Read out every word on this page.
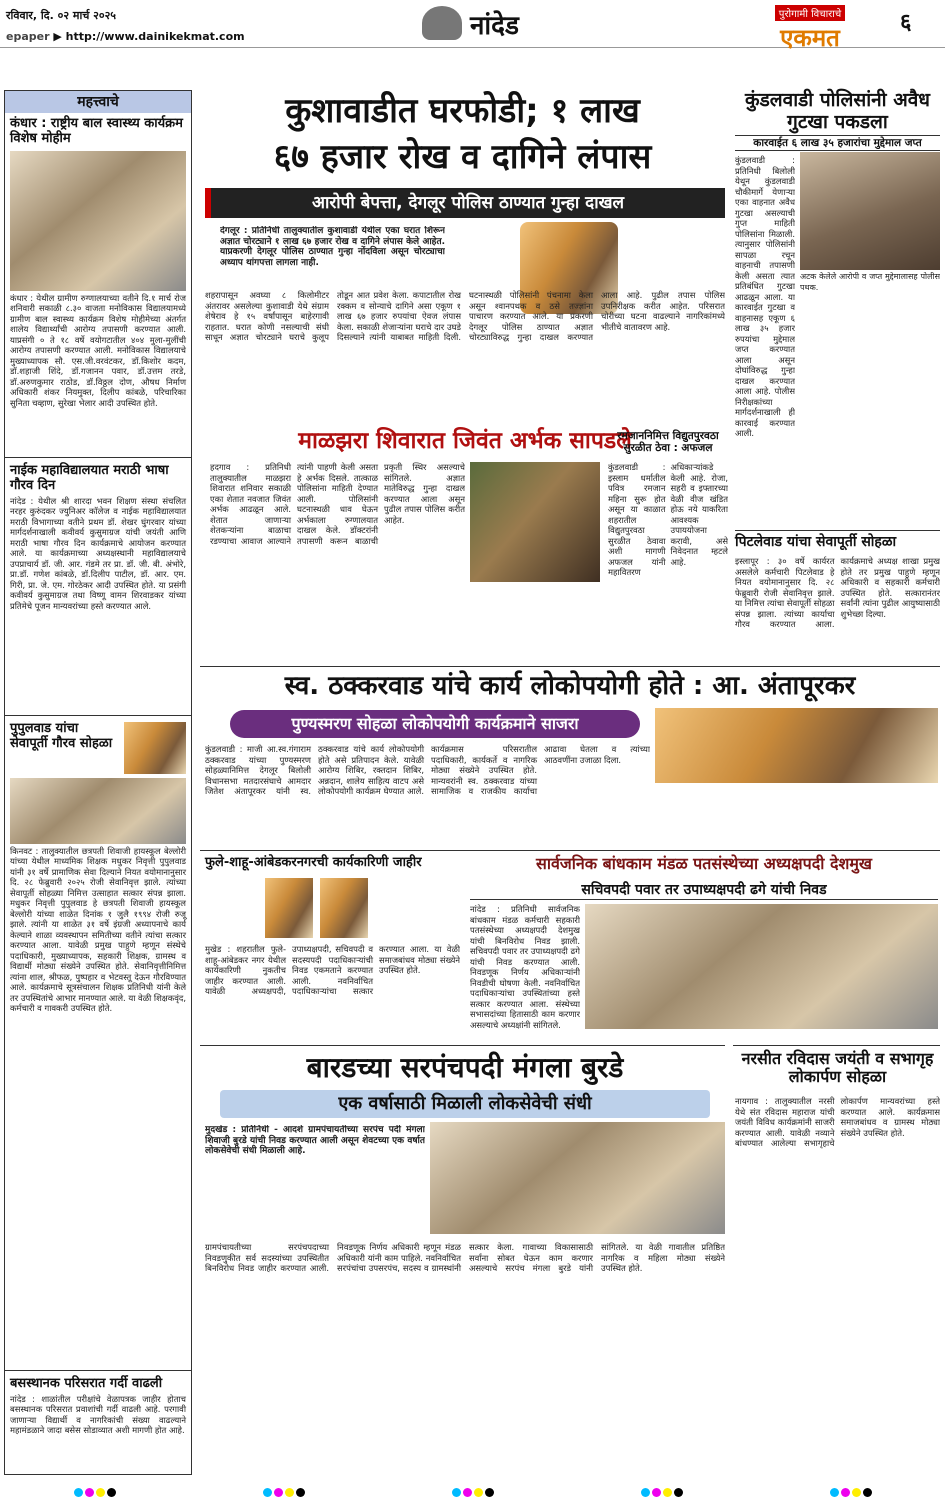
रविवार, दि. ०२ मार्च २०२५
epaper ▶ http://www.dainikekmat.com	नांदेड	पुरोगामी विचाराचे
एकमत
६
महत्त्वाचे
कंधार : राष्ट्रीय बाल स्वास्थ्य कार्यक्रम विशेष मोहीम
कंधार : येथील ग्रामीण रुग्णालयाच्या वतीने दि.१ मार्च रोज शनिवारी सकाळी ८.३० वाजता मनोविकास विद्यालयामध्ये ग्रामीण बाल स्वास्थ्य कार्यक्रम विशेष मोहीमेच्या अंतर्गत शालेय विद्यार्थ्यांची आरोग्य तपासणी करण्यात आली. याप्रसंगी ० ते १८ वर्षे वयोगटातील ४०४ मुला-मुलींची आरोग्य तपासणी करण्यात आली. मनोविकास विद्यालयाचे मुख्याध्यापक सौ. एस.जी.वरवंटकर, डॉ.किशोर कदम, डॉ.शहाजी शिंदे, डॉ.गजानन पवार, डॉ.उत्तम तरडे, डॉ.अरुणकुमार राठोड, डॉ.विठ्ठल दोण, औषध निर्माण अधिकारी शंकर नियमुक्त, दिलीप कांबळे, परिचारिका सुनिता चव्हाण, सुरेखा भेलार आदी उपस्थित होते.
नाईक महाविद्यालयात मराठी भाषा गौरव दिन
नांदेड : येथील श्री शारदा भवन शिक्षण संस्था संचलित नरहर कुरुंदकर ज्युनिअर कॉलेज व नाईक महाविद्यालयात मराठी विभागाच्या वतीने प्रथम डॉ. शेखर घुंगरवार यांच्या मार्गदर्शनाखाली कवीवर्य कुसुमाग्रज यांची जयंती आणि मराठी भाषा गौरव दिन कार्यक्रमाचे आयोजन करण्यात आले. या कार्यक्रमाच्या अध्यक्षस्थानी महाविद्यालयाचे उपप्राचार्य डॉ. जी. आर. गंडमे तर प्रा. डॉ. जी. बी. अंभोरे, प्रा.डॉ. गणेश कांबळे, डॉ.दिलीप पाटील, डॉ. आर. एम. गिरी, प्रा. जे. एम. गोरठेकर आदी उपस्थित होते. या प्रसंगी कवीवर्य कुसुमाग्रज तथा विष्णू वामन शिरवाडकर यांच्या प्रतिमेचे पूजन मान्यवरांच्या हस्ते करण्यात आले.
पुपुलवाड यांचा सेवापूर्ती गौरव सोहळा
किनवट : तालुक्यातील छत्रपती शिवाजी हायस्कूल बेल्लोरी यांच्या येथील माध्यमिक शिक्षक मधुकर निवृत्ती पुपुलवाड यांनी ३१ वर्षे प्रामाणिक सेवा दिल्याने नियत वयोमानानुसार दि. २८ फेब्रुवारी २०२५ रोजी सेवानिवृत्त झाले. त्यांच्या सेवापूर्ती सोहळ्या निमित्त उत्साहात सत्कार संपन्न झाला. मधुकर निवृत्ती पुपुलवाड हे छत्रपती शिवाजी हायस्कूल बेल्लोरी यांच्या शाळेत दिनांक १ जुलै १९९४ रोजी रुजू झाले. त्यांनी या शाळेत ३१ वर्षे इंग्रजी अध्यापनाचे कार्य केल्याने शाळा व्यवस्थापन समितीच्या वतीने त्यांचा सत्कार करण्यात आला. यावेळी प्रमुख पाहुणे म्हणून संस्थेचे पदाधिकारी, मुख्याध्यापक, सहकारी शिक्षक, ग्रामस्थ व विद्यार्थी मोठ्या संख्येने उपस्थित होते. सेवानिवृत्तीनिमित्त त्यांना शाल, श्रीफळ, पुष्पहार व भेटवस्तू देऊन गौरविण्यात आले. कार्यक्रमाचे सूत्रसंचालन शिक्षक प्रतिनिधी यांनी केले तर उपस्थितांचे आभार मानण्यात आले. या वेळी शिक्षकवृंद, कर्मचारी व गावकरी उपस्थित होते.
बसस्थानक परिसरात गर्दी वाढली
नांदेड : शाळांतील परीक्षांचे वेळापत्रक जाहीर होताच बसस्थानक परिसरात प्रवाशांची गर्दी वाढली आहे. परगावी जाणाऱ्या विद्यार्थी व नागरिकांची संख्या वाढल्याने महामंडळाने जादा बसेस सोडाव्यात अशी मागणी होत आहे.
कुशावाडीत घरफोडी; १ लाख
६७ हजार रोख व दागिने लंपास
आरोपी बेपत्ता, देगलूर पोलिस ठाण्यात गुन्हा दाखल
देगलूर : प्रतिनिधी तालुक्यातील कुशावाडी येथील एका घरात शिरून अज्ञात चोरट्याने १ लाख ६७ हजार रोख व दागिने लंपास केले आहेत. याप्रकरणी देगलूर पोलिस ठाण्यात गुन्हा नोंदविला असून चोरट्याचा अध्याप थांगपत्ता लागला नाही.
शहरापासून अवघ्या ८ किलोमीटर अंतरावर असलेल्या कुशावाडी येथे संग्राम शेषेराव हे १५ वर्षांपासून बाहेरगावी राहतात. घरात कोणी नसल्याची संधी साधून अज्ञात चोरट्याने घराचे कुलूप तोडून आत प्रवेश केला. कपाटातील रोख रक्कम व सोन्याचे दागिने असा एकूण १ लाख ६७ हजार रुपयांचा ऐवज लंपास केला. सकाळी शेजाऱ्यांना घराचे दार उघडे दिसल्याने त्यांनी याबाबत माहिती दिली. घटनास्थळी पोलिसांनी पंचनामा केला असून श्वानपथक व ठसे तज्ज्ञांना पाचारण करण्यात आले. या प्रकरणी देगलूर पोलिस ठाण्यात अज्ञात चोरट्याविरुद्ध गुन्हा दाखल करण्यात आला आहे. पुढील तपास पोलिस उपनिरीक्षक करीत आहेत. परिसरात चोरीच्या घटना वाढल्याने नागरिकांमध्ये भीतीचे वातावरण आहे.
कुंडलवाडी पोलिसांनी अवैध गुटखा पकडला
कारवाईत ६ लाख ३५ हजारांचा मुद्देमाल जप्त
कुंडलवाडी : प्रतिनिधी बिलोली येथून कुंडलवाडी चौकीमार्गे येणाऱ्या एका वाहनात अवैध गुटखा असल्याची गुप्त माहिती पोलिसांना मिळाली. त्यानुसार पोलिसांनी सापळा रचून वाहनाची तपासणी केली असता त्यात प्रतिबंधित गुटखा आढळून आला. या कारवाईत गुटखा व वाहनासह एकूण ६ लाख ३५ हजार रुपयांचा मुद्देमाल जप्त करण्यात आला असून दोघांविरुद्ध गुन्हा दाखल करण्यात आला आहे. पोलीस निरीक्षकांच्या मार्गदर्शनाखाली ही कारवाई करण्यात आली.
अटक केलेले आरोपी व जप्त मुद्देमालासह पोलीस पथक.
पिटलेवाड यांचा सेवापूर्ती सोहळा
इस्लापूर : ३० वर्षे कार्यरत असलेले कर्मचारी पिटलेवाड हे नियत वयोमानानुसार दि. २८ फेब्रुवारी रोजी सेवानिवृत्त झाले. या निमित्त त्यांचा सेवापूर्ती सोहळा संपन्न झाला. त्यांच्या कार्याचा गौरव करण्यात आला. कार्यक्रमाचे अध्यक्ष शाखा प्रमुख होते तर प्रमुख पाहुणे म्हणून अधिकारी व सहकारी कर्मचारी उपस्थित होते. सत्कारानंतर सर्वांनी त्यांना पुढील आयुष्यासाठी शुभेच्छा दिल्या.
माळझरा शिवारात जिवंत अर्भक सापडले
हदगाव : प्रतिनिधी तालुक्यातील माळझरा शिवारात शनिवार सकाळी एका शेतात नवजात जिवंत अर्भक आढळून आले. शेतात जाणाऱ्या शेतकऱ्यांना बाळाचा रडण्याचा आवाज आल्याने त्यांनी पाहणी केली असता हे अर्भक दिसले. तात्काळ पोलिसांना माहिती देण्यात आली. पोलिसांनी घटनास्थळी धाव घेऊन अर्भकाला रुग्णालयात दाखल केले. डॉक्टरांनी तपासणी करून बाळाची प्रकृती स्थिर असल्याचे सांगितले. अज्ञात मातेविरुद्ध गुन्हा दाखल करण्यात आला असून पुढील तपास पोलिस करीत आहेत.
रमजाननिमित्त विद्युतपुरवठा सुरळीत ठेवा : अफजल
कुंडलवाडी : इस्लाम धर्मातील पवित्र रमजान महिना सुरू होत असून या काळात शहरातील विद्युतपुरवठा सुरळीत ठेवावा अशी मागणी अफजल यांनी महावितरण अधिकाऱ्यांकडे केली आहे. रोजा, सहरी व इफ्तारच्या वेळी वीज खंडित होऊ नये याकरिता आवश्यक उपाययोजना करावी, असे निवेदनात म्हटले आहे.
स्व. ठक्करवाड यांचे कार्य लोकोपयोगी होते : आ. अंतापूरकर
पुण्यस्मरण सोहळा लोकोपयोगी कार्यक्रमाने साजरा
कुंडलवाडी : माजी आ.स्व.गंगाराम ठक्करवाड यांच्या पुण्यस्मरण सोहळ्यानिमित्त देगलूर बिलोली विधानसभा मतदारसंघाचे आमदार जितेश अंतापूरकर यांनी स्व. ठक्करवाड यांचे कार्य लोकोपयोगी होते असे प्रतिपादन केले. यावेळी आरोग्य शिबिर, रक्तदान शिबिर, अन्नदान, शालेय साहित्य वाटप असे लोकोपयोगी कार्यक्रम घेण्यात आले. कार्यक्रमास परिसरातील पदाधिकारी, कार्यकर्ते व नागरिक मोठ्या संख्येने उपस्थित होते. मान्यवरांनी स्व. ठक्करवाड यांच्या सामाजिक व राजकीय कार्याचा आढावा घेतला व त्यांच्या आठवणींना उजाळा दिला.
फुले-शाहू-आंबेडकरनगरची कार्यकारिणी जाहीर
मुखेड : शहरातील फुले-शाहू-आंबेडकर नगर येथील कार्यकारिणी नुकतीच जाहीर करण्यात आली. यावेळी अध्यक्षपदी, उपाध्यक्षपदी, सचिवपदी व सदस्यपदी पदाधिकाऱ्यांची निवड एकमताने करण्यात आली. नवनिर्वाचित पदाधिकाऱ्यांचा सत्कार करण्यात आला. या वेळी समाजबांधव मोठ्या संख्येने उपस्थित होते.
सार्वजनिक बांधकाम मंडळ पतसंस्थेच्या अध्यक्षपदी देशमुख
सचिवपदी पवार तर उपाध्यक्षपदी ढगे यांची निवड
नांदेड : प्रतिनिधी सार्वजनिक बांधकाम मंडळ कर्मचारी सहकारी पतसंस्थेच्या अध्यक्षपदी देशमुख यांची बिनविरोध निवड झाली. सचिवपदी पवार तर उपाध्यक्षपदी ढगे यांची निवड करण्यात आली. निवडणूक निर्णय अधिकाऱ्यांनी निवडीची घोषणा केली. नवनिर्वाचित पदाधिकाऱ्यांचा उपस्थितांच्या हस्ते सत्कार करण्यात आला. संस्थेच्या सभासदांच्या हितासाठी काम करणार असल्याचे अध्यक्षांनी सांगितले.
बारडच्या सरपंचपदी मंगला बुरडे
एक वर्षासाठी मिळाली लोकसेवेची संधी
मुदखेड : प्रतिनिधी - आदर्श ग्रामपंचायतीच्या सरपंच पदी मंगला शिवाजी बुरडे यांची निवड करण्यात आली असून शेवटच्या एक वर्षात लोकसेवेची संधी मिळाली आहे.
ग्रामपंचायतीच्या सरपंचपदाच्या निवडणुकीत सर्व सदस्यांच्या उपस्थितीत बिनविरोध निवड जाहीर करण्यात आली. निवडणूक निर्णय अधिकारी म्हणून मंडळ अधिकारी यांनी काम पाहिले. नवनिर्वाचित सरपंचांचा उपसरपंच, सदस्य व ग्रामस्थांनी सत्कार केला. गावाच्या विकासासाठी सर्वांना सोबत घेऊन काम करणार असल्याचे सरपंच मंगला बुरडे यांनी सांगितले. या वेळी गावातील प्रतिष्ठित नागरिक व महिला मोठ्या संख्येने उपस्थित होते.
नरसीत रविदास जयंती व सभागृह लोकार्पण सोहळा
नायगाव : तालुक्यातील नरसी येथे संत रविदास महाराज यांची जयंती विविध कार्यक्रमांनी साजरी करण्यात आली. यावेळी नव्याने बांधण्यात आलेल्या सभागृहाचे लोकार्पण मान्यवरांच्या हस्ते करण्यात आले. कार्यक्रमास समाजबांधव व ग्रामस्थ मोठ्या संख्येने उपस्थित होते.
